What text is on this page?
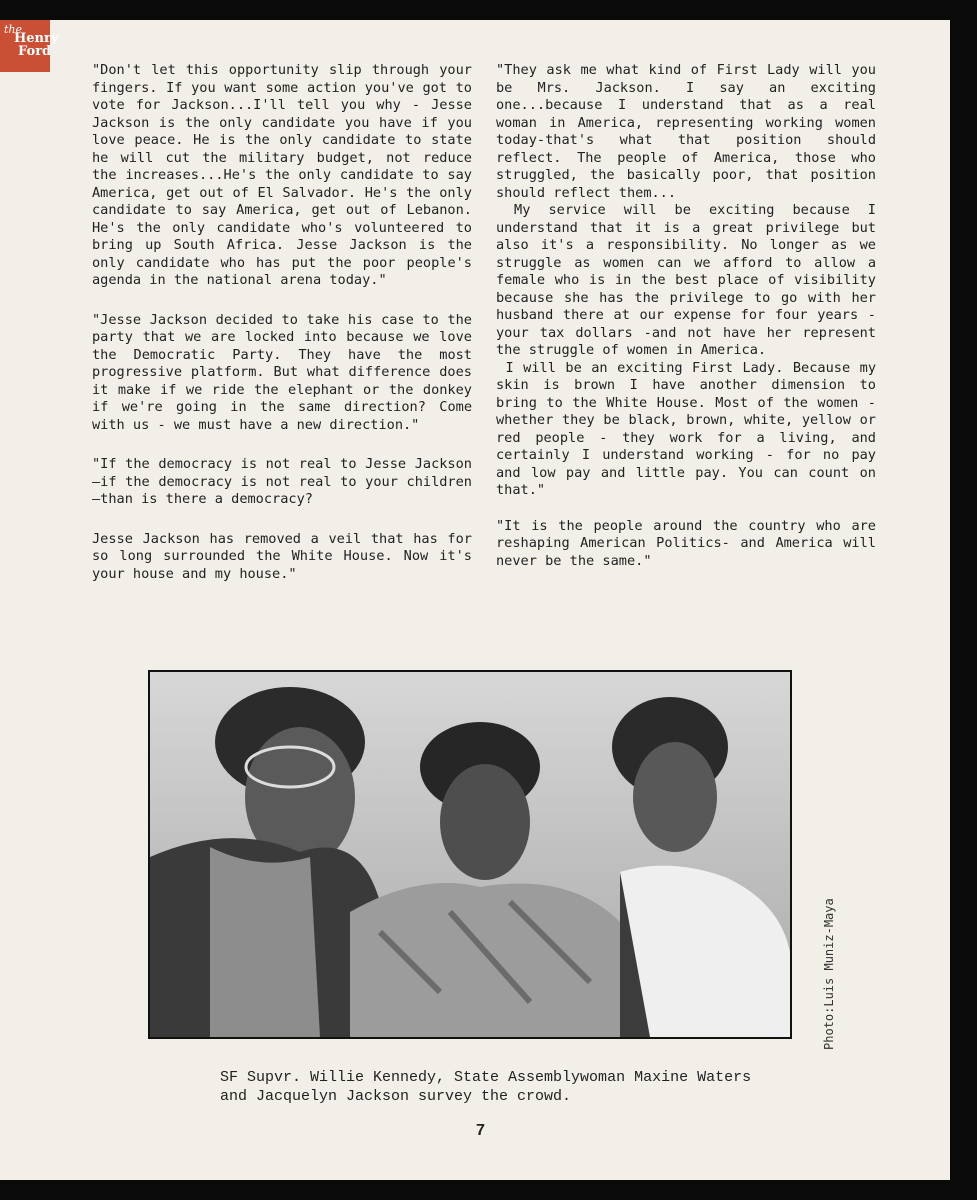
the
Henry
Ford

"Don't let this opportunity slip through your fingers. If you want some action you've got to vote for Jackson...I'll tell you why - Jesse Jackson is the only candidate you have if you love peace. He is the only candidate to state he will cut the military budget, not reduce the increases...He's the only candidate to say America, get out of El Salvador. He's the only candidate to say America, get out of Lebanon. He's the only candidate who's volunteered to bring up South Africa. Jesse Jackson is the only candidate who has put the poor people's agenda in the national arena today."

"Jesse Jackson decided to take his case to the party that we are locked into because we love the Democratic Party. They have the most progressive platform. But what difference does it make if we ride the elephant or the donkey if we're going in the same direction? Come with us - we must have a new direction."

"If the democracy is not real to Jesse Jackson—if the democracy is not real to your children—than is there a democracy?

Jesse Jackson has removed a veil that has for so long surrounded the White House. Now it's your house and my house."

"They ask me what kind of First Lady will you be Mrs. Jackson. I say an exciting one...because I understand that as a real woman in America, representing working women today-that's what that position should reflect. The people of America, those who struggled, the basically poor, that position should reflect them...
My service will be exciting because I understand that it is a great privilege but also it's a responsibility. No longer as we struggle as women can we afford to allow a female who is in the best place of visibility because she has the privilege to go with her husband there at our expense for four years -your tax dollars -and not have her represent the struggle of women in America.
I will be an exciting First Lady. Because my skin is brown I have another dimension to bring to the White House. Most of the women - whether they be black, brown, white, yellow or red people - they work for a living, and certainly I understand working - for no pay and low pay and little pay. You can count on that."

"It is the people around the country who are reshaping American Politics- and America will never be the same."

Photo:Luis Muniz-Maya
SF Supvr. Willie Kennedy, State Assemblywoman Maxine Waters and Jacquelyn Jackson survey the crowd.
7
